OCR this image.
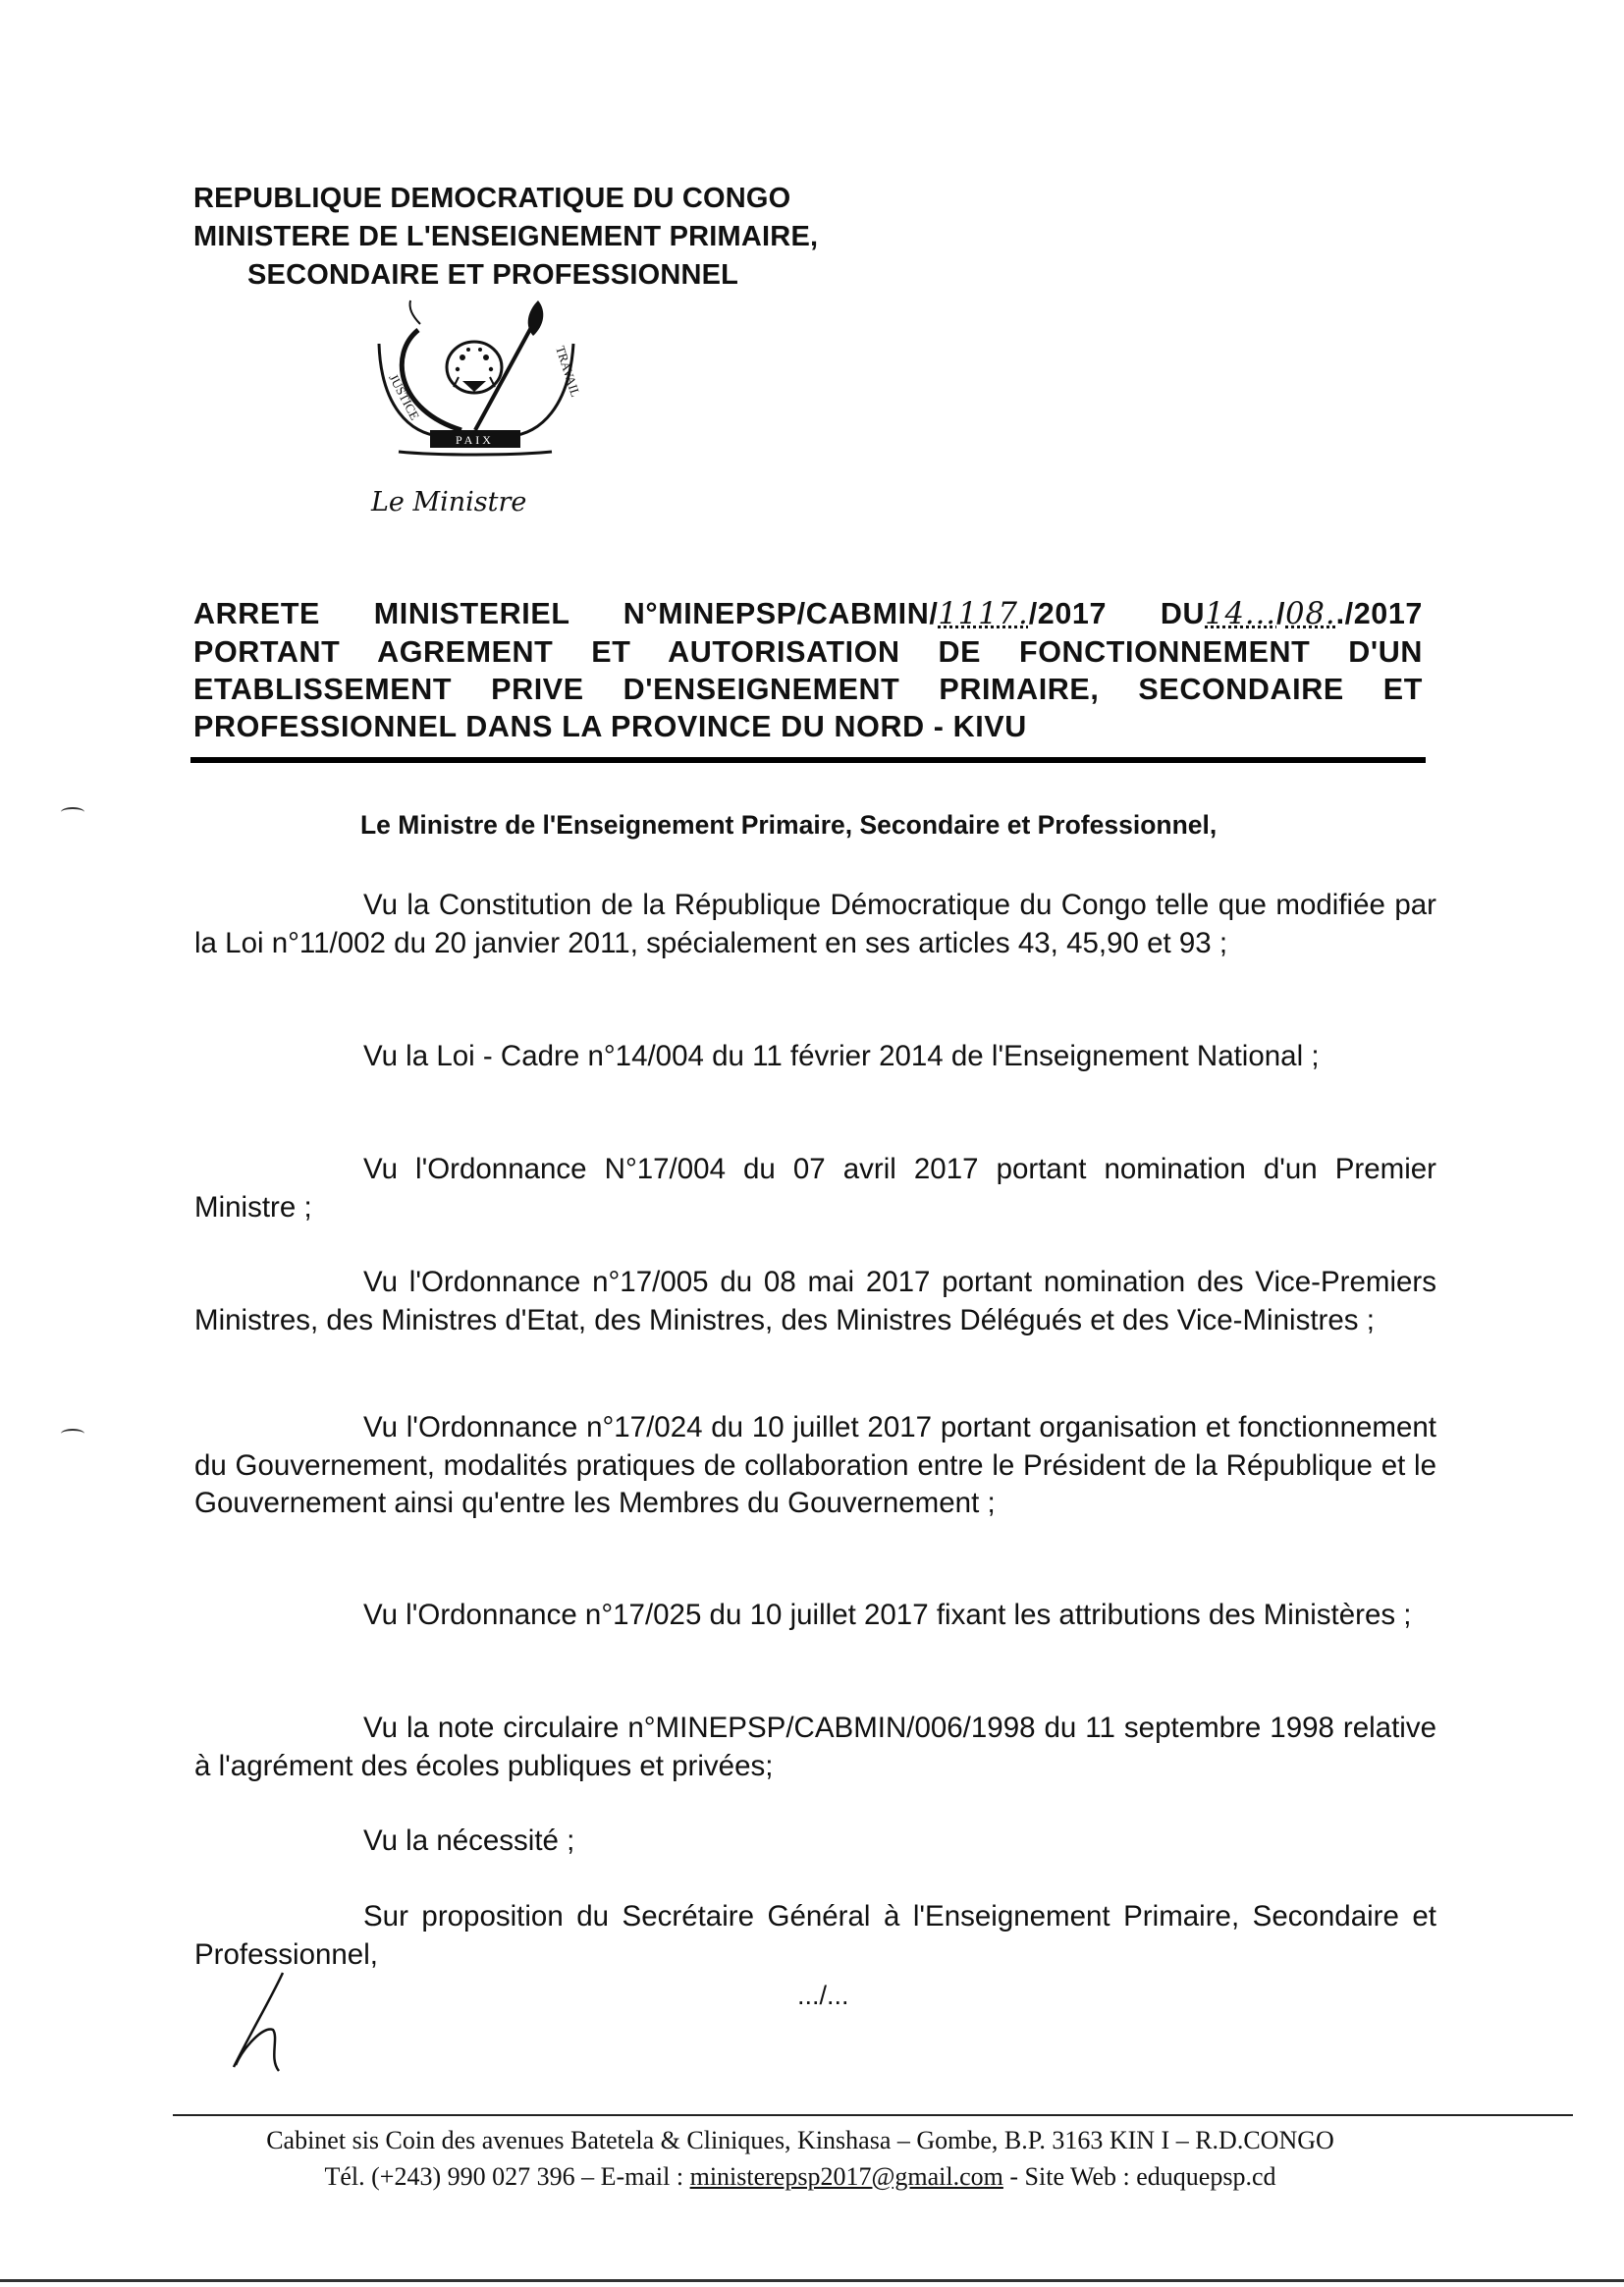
REPUBLIQUE DEMOCRATIQUE DU CONGO
MINISTERE DE L'ENSEIGNEMENT PRIMAIRE,
SECONDAIRE ET PROFESSIONNEL
JUSTICE
PAIX
TRAVAIL
Le Ministre
ARRETE MINISTERIEL N°MINEPSP/CABMIN/1117./2017 DU14.../08../2017
PORTANT AGREMENT ET AUTORISATION DE FONCTIONNEMENT D'UN
ETABLISSEMENT PRIVE D'ENSEIGNEMENT PRIMAIRE, SECONDAIRE ET
PROFESSIONNEL DANS LA PROVINCE DU NORD - KIVU
Le Ministre de l'Enseignement Primaire, Secondaire et Professionnel,
Vu la Constitution de la République Démocratique du Congo telle que modifiée par la Loi n°11/002 du 20 janvier 2011, spécialement en ses articles 43, 45,90 et 93 ;
Vu la Loi - Cadre n°14/004 du 11 février 2014 de l'Enseignement National ;
Vu l'Ordonnance N°17/004 du 07 avril 2017 portant nomination d'un Premier Ministre ;
Vu l'Ordonnance n°17/005 du 08 mai 2017 portant nomination des Vice-Premiers Ministres, des Ministres d'Etat, des Ministres, des Ministres Délégués et des Vice-Ministres ;
Vu l'Ordonnance n°17/024 du 10 juillet 2017 portant organisation et fonctionnement du Gouvernement, modalités pratiques de collaboration entre le Président de la République et le Gouvernement ainsi qu'entre les Membres du Gouvernement ;
Vu l'Ordonnance n°17/025 du 10 juillet 2017 fixant les attributions des Ministères ;
Vu la note circulaire n°MINEPSP/CABMIN/006/1998 du 11 septembre 1998 relative à l'agrément des écoles publiques et privées;
Vu la nécessité ;
Sur proposition du Secrétaire Général à l'Enseignement Primaire, Secondaire et Professionnel,
.../...
Cabinet sis Coin des avenues Batetela & Cliniques, Kinshasa – Gombe, B.P. 3163 KIN I – R.D.CONGO
Tél. (+243) 990 027 396 – E-mail : ministerepsp2017@gmail.com - Site Web : eduquepsp.cd
